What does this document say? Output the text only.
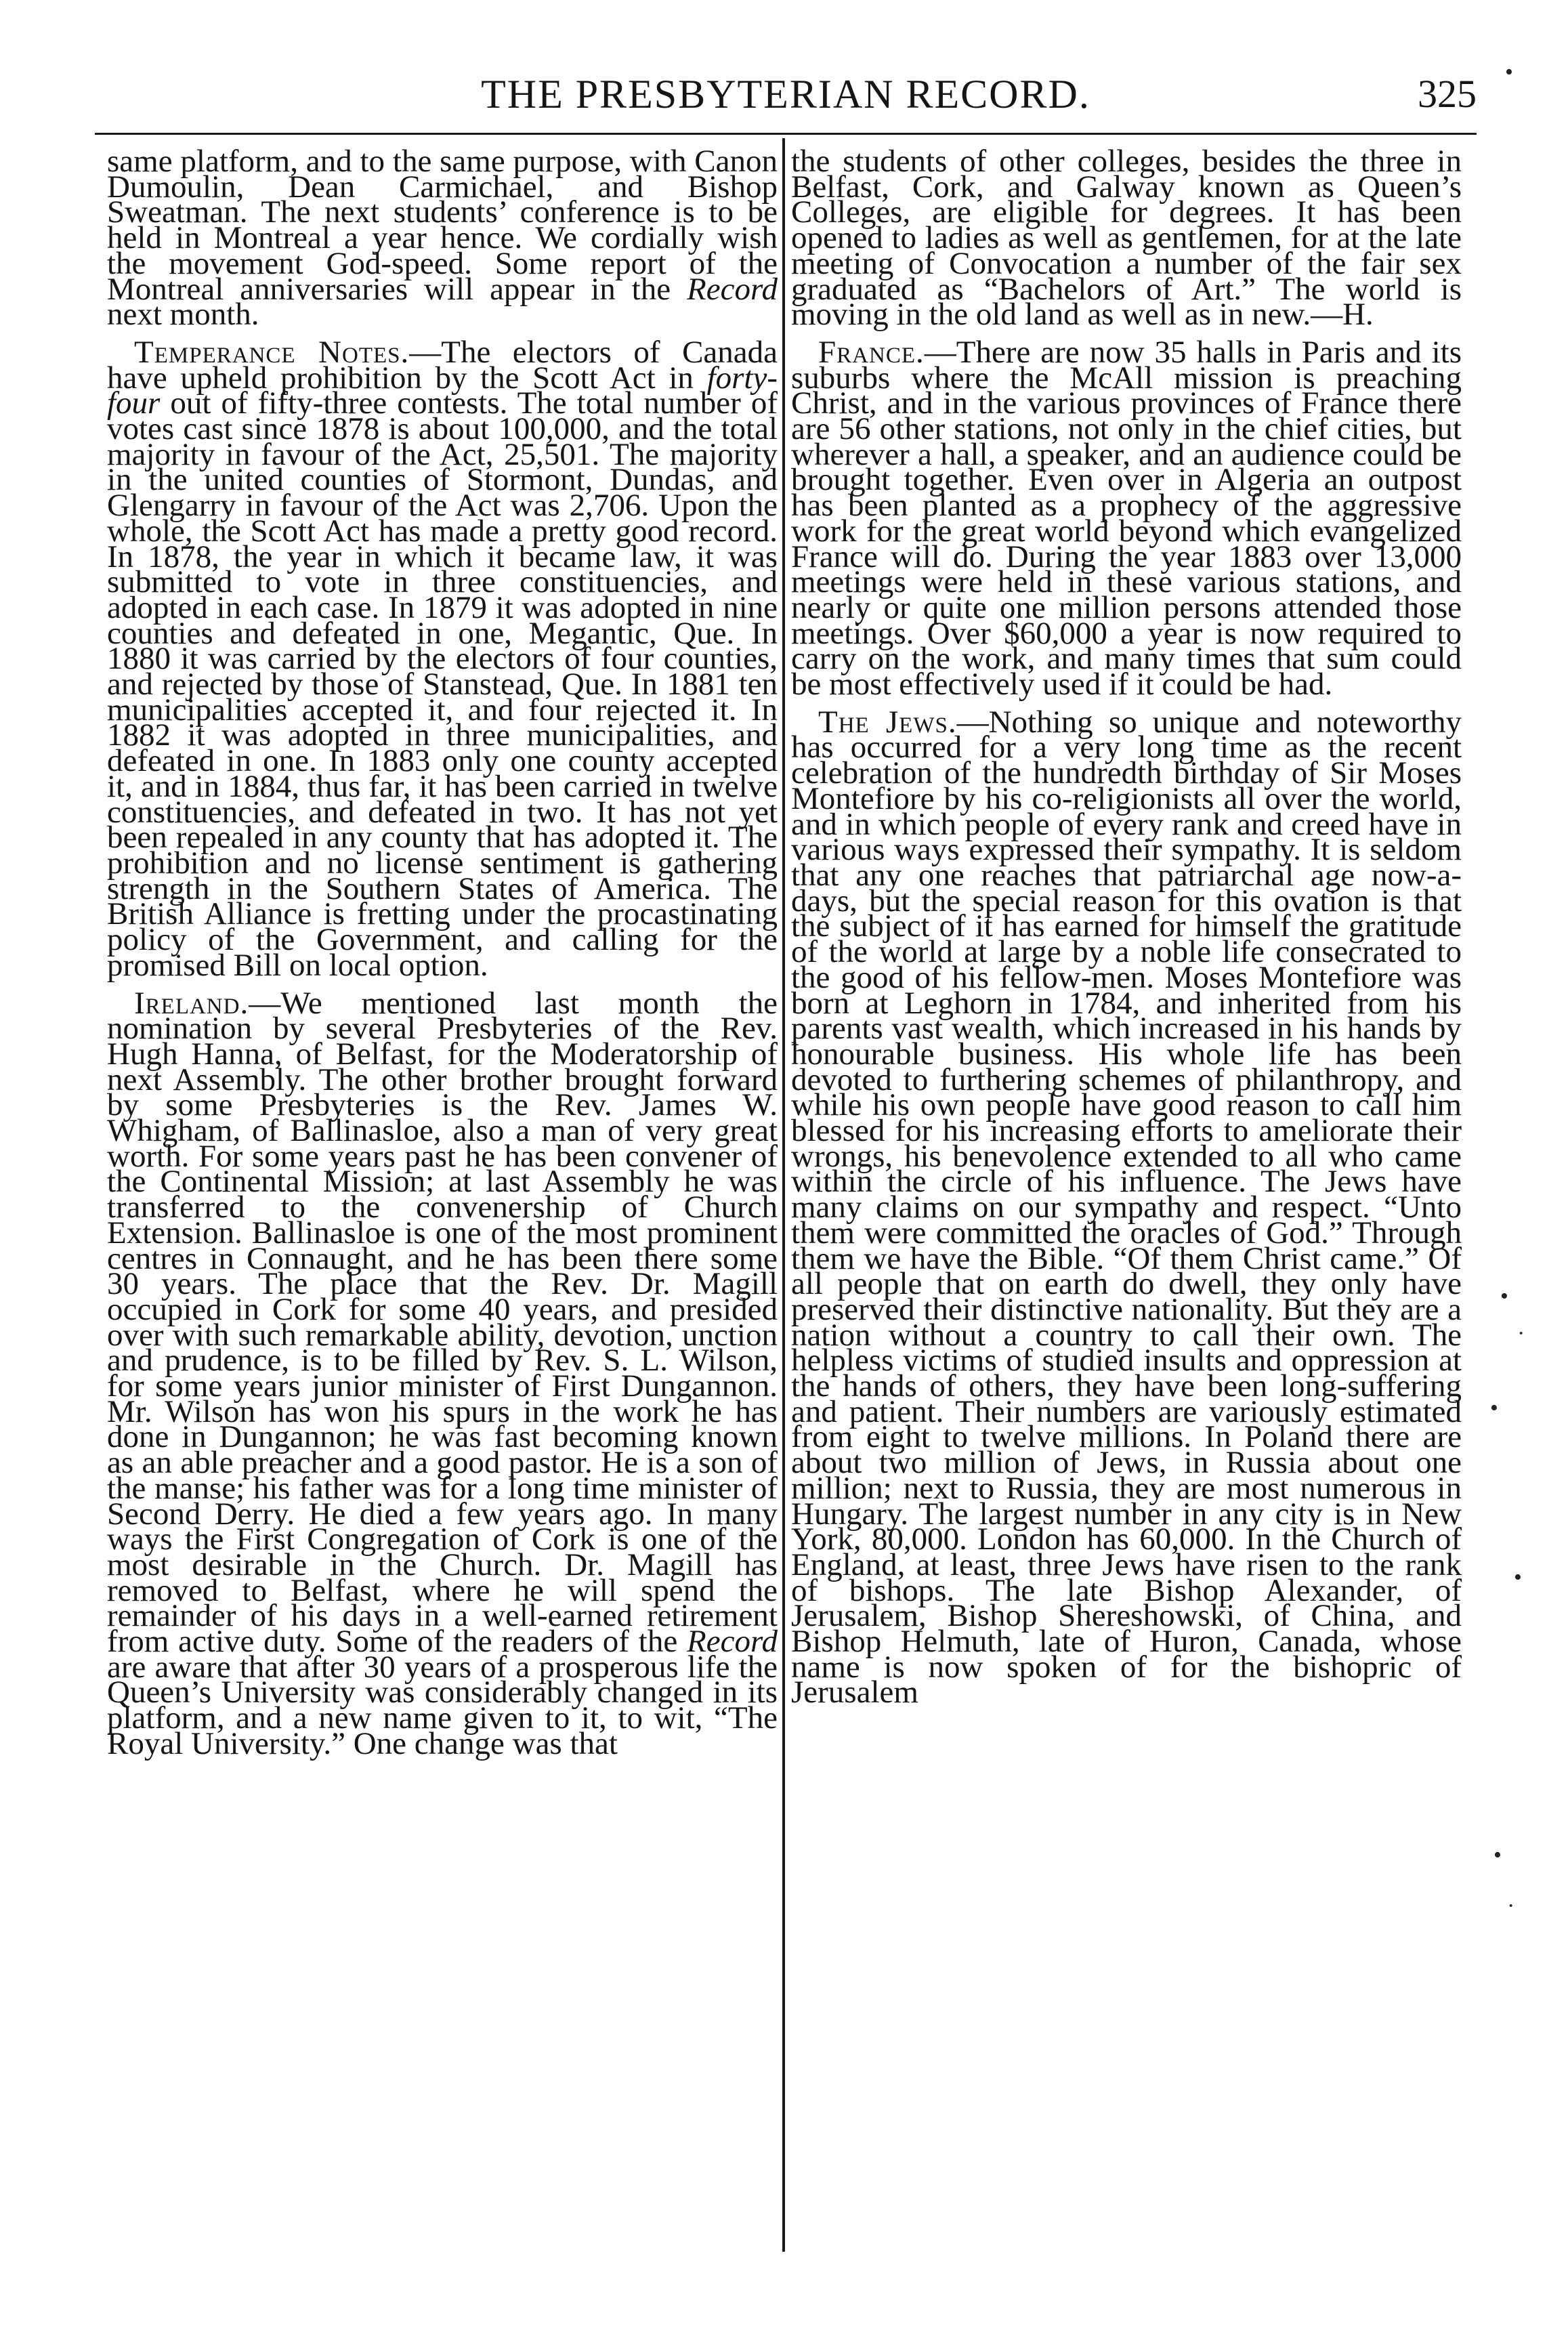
THE PRESBYTERIAN RECORD.	325

same platform, and to the same purpose, with Canon Dumoulin, Dean Carmichael, and Bishop Sweatman. The next students’ conference is to be held in Montreal a year hence. We cordially wish the movement God-speed. Some report of the Montreal anniversaries will appear in the Record next month.

Temperance Notes.—The electors of Canada have upheld prohibition by the Scott Act in forty-four out of fifty-three contests. The total number of votes cast since 1878 is about 100,000, and the total majority in favour of the Act, 25,501. The majority in the united counties of Stormont, Dundas, and Glengarry in favour of the Act was 2,706. Upon the whole, the Scott Act has made a pretty good record. In 1878, the year in which it became law, it was submitted to vote in three constituencies, and adopted in each case. In 1879 it was adopted in nine counties and defeated in one, Megantic, Que. In 1880 it was carried by the electors of four counties, and rejected by those of Stanstead, Que. In 1881 ten municipalities accepted it, and four rejected it. In 1882 it was adopted in three municipalities, and defeated in one. In 1883 only one county accepted it, and in 1884, thus far, it has been carried in twelve constituencies, and defeated in two. It has not yet been repealed in any county that has adopted it. The prohibition and no license sentiment is gathering strength in the Southern States of America. The British Alliance is fretting under the procastinating policy of the Government, and calling for the promised Bill on local option.

Ireland.—We mentioned last month the nomination by several Presbyteries of the Rev. Hugh Hanna, of Belfast, for the Moderatorship of next Assembly. The other brother brought forward by some Presbyteries is the Rev. James W. Whigham, of Ballinasloe, also a man of very great worth. For some years past he has been convener of the Continental Mission; at last Assembly he was transferred to the convenership of Church Extension. Ballinasloe is one of the most prominent centres in Connaught, and he has been there some 30 years. The place that the Rev. Dr. Magill occupied in Cork for some 40 years, and presided over with such remarkable ability, devotion, unction and prudence, is to be filled by Rev. S. L. Wilson, for some years junior minister of First Dungannon. Mr. Wilson has won his spurs in the work he has done in Dungannon; he was fast becoming known as an able preacher and a good pastor. He is a son of the manse; his father was for a long time minister of Second Derry. He died a few years ago. In many ways the First Congregation of Cork is one of the most desirable in the Church. Dr. Magill has removed to Belfast, where he will spend the remainder of his days in a well-earned retirement from active duty. Some of the readers of the Record are aware that after 30 years of a prosperous life the Queen’s University was considerably changed in its platform, and a new name given to it, to wit, “The Royal University.” One change was that

the students of other colleges, besides the three in Belfast, Cork, and Galway known as Queen’s Colleges, are eligible for degrees. It has been opened to ladies as well as gentlemen, for at the late meeting of Convocation a number of the fair sex graduated as “Bachelors of Art.” The world is moving in the old land as well as in new.—H.

France.—There are now 35 halls in Paris and its suburbs where the McAll mission is preaching Christ, and in the various provinces of France there are 56 other stations, not only in the chief cities, but wherever a hall, a speaker, and an audience could be brought together. Even over in Algeria an outpost has been planted as a prophecy of the aggressive work for the great world beyond which evangelized France will do. During the year 1883 over 13,000 meetings were held in these various stations, and nearly or quite one million persons attended those meetings. Over $60,000 a year is now required to carry on the work, and many times that sum could be most effectively used if it could be had.

The Jews.—Nothing so unique and noteworthy has occurred for a very long time as the recent celebration of the hundredth birthday of Sir Moses Montefiore by his co-religionists all over the world, and in which people of every rank and creed have in various ways expressed their sympathy. It is seldom that any one reaches that patriarchal age now-a-days, but the special reason for this ovation is that the subject of it has earned for himself the gratitude of the world at large by a noble life consecrated to the good of his fellow-men. Moses Montefiore was born at Leghorn in 1784, and inherited from his parents vast wealth, which increased in his hands by honourable business. His whole life has been devoted to furthering schemes of philanthropy, and while his own people have good reason to call him blessed for his increasing efforts to ameliorate their wrongs, his benevolence extended to all who came within the circle of his influence. The Jews have many claims on our sympathy and respect. “Unto them were committed the oracles of God.” Through them we have the Bible. “Of them Christ came.” Of all people that on earth do dwell, they only have preserved their distinctive nationality. But they are a nation without a country to call their own. The helpless victims of studied insults and oppression at the hands of others, they have been long-suffering and patient. Their numbers are variously estimated from eight to twelve millions. In Poland there are about two million of Jews, in Russia about one million; next to Russia, they are most numerous in Hungary. The largest number in any city is in New York, 80,000. London has 60,000. In the Church of England, at least, three Jews have risen to the rank of bishops. The late Bishop Alexander, of Jerusalem, Bishop Shereshowski, of China, and Bishop Helmuth, late of Huron, Canada, whose name is now spoken of for the bishopric of Jerusalem

•
•
·
•
•
•
·
